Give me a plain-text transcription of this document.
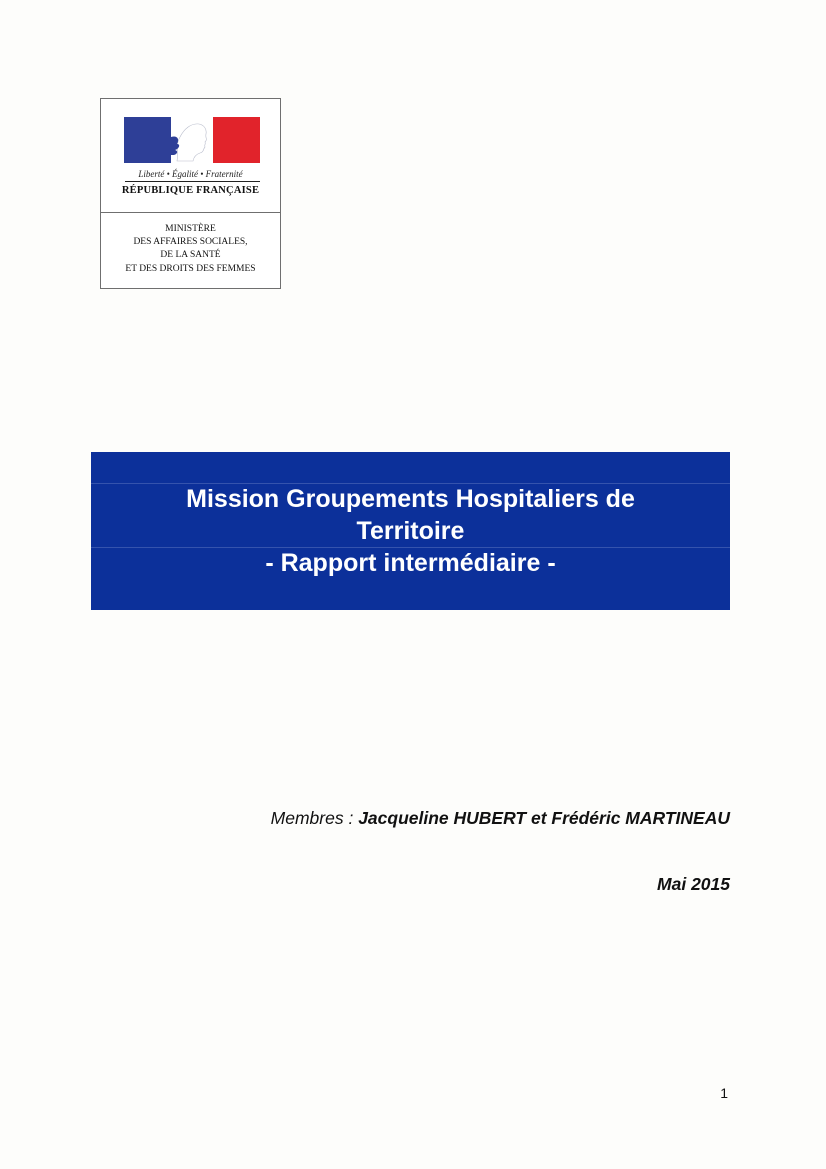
Liberté • Égalité • Fraternité
RÉPUBLIQUE FRANÇAISE
MINISTÈRE
DES AFFAIRES SOCIALES,
DE LA SANTÉ
ET DES DROITS DES FEMMES
Mission Groupements Hospitaliers de
Territoire
- Rapport intermédiaire -
Membres : Jacqueline HUBERT et Frédéric MARTINEAU
Mai 2015
1
